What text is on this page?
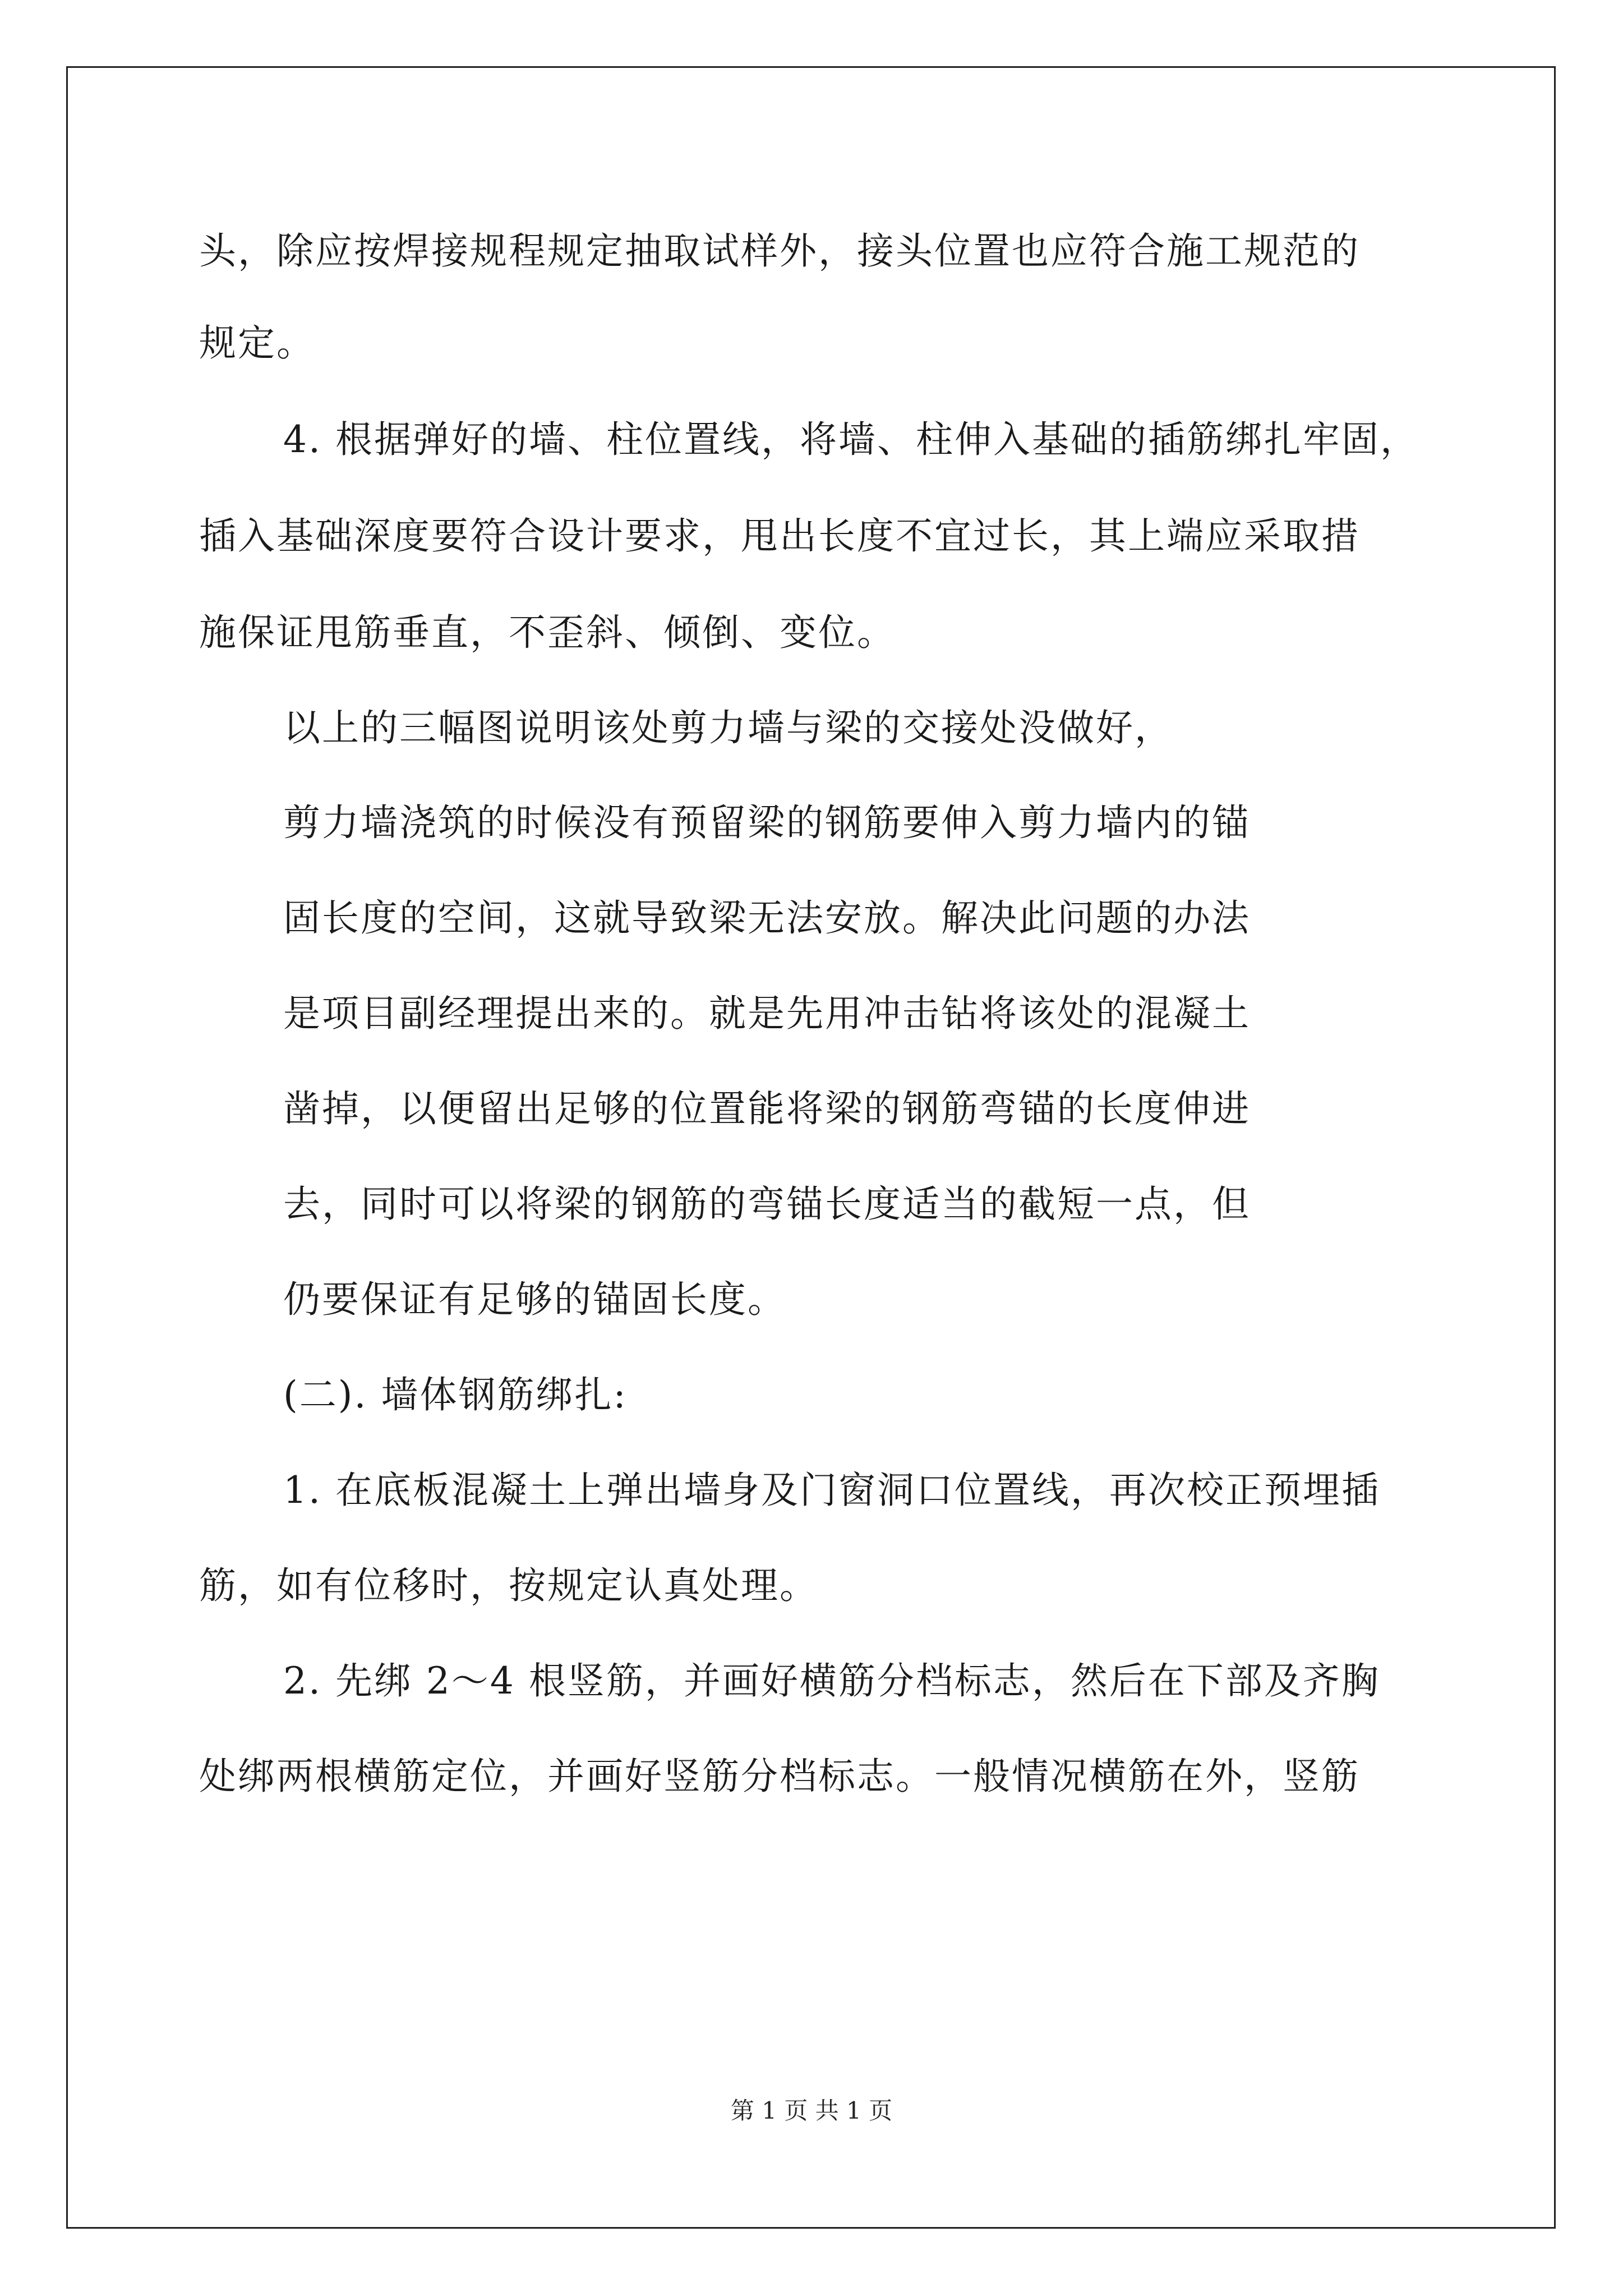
头，除应按焊接规程规定抽取试样外，接头位置也应符合施工规范的
规定。
4. 根据弹好的墙、柱位置线，将墙、柱伸入基础的插筋绑扎牢固，
插入基础深度要符合设计要求，甩出长度不宜过长，其上端应采取措
施保证甩筋垂直，不歪斜、倾倒、变位。
以上的三幅图说明该处剪力墙与梁的交接处没做好，
剪力墙浇筑的时候没有预留梁的钢筋要伸入剪力墙内的锚
固长度的空间，这就导致梁无法安放。解决此问题的办法
是项目副经理提出来的。就是先用冲击钻将该处的混凝土
凿掉，以便留出足够的位置能将梁的钢筋弯锚的长度伸进
去，同时可以将梁的钢筋的弯锚长度适当的截短一点，但
仍要保证有足够的锚固长度。
(二). 墙体钢筋绑扎:
1. 在底板混凝土上弹出墙身及门窗洞口位置线，再次校正预埋插
筋，如有位移时，按规定认真处理。
2. 先绑 2～4 根竖筋，并画好横筋分档标志，然后在下部及齐胸
处绑两根横筋定位，并画好竖筋分档标志。一般情况横筋在外，竖筋
第 1 页 共 1 页
